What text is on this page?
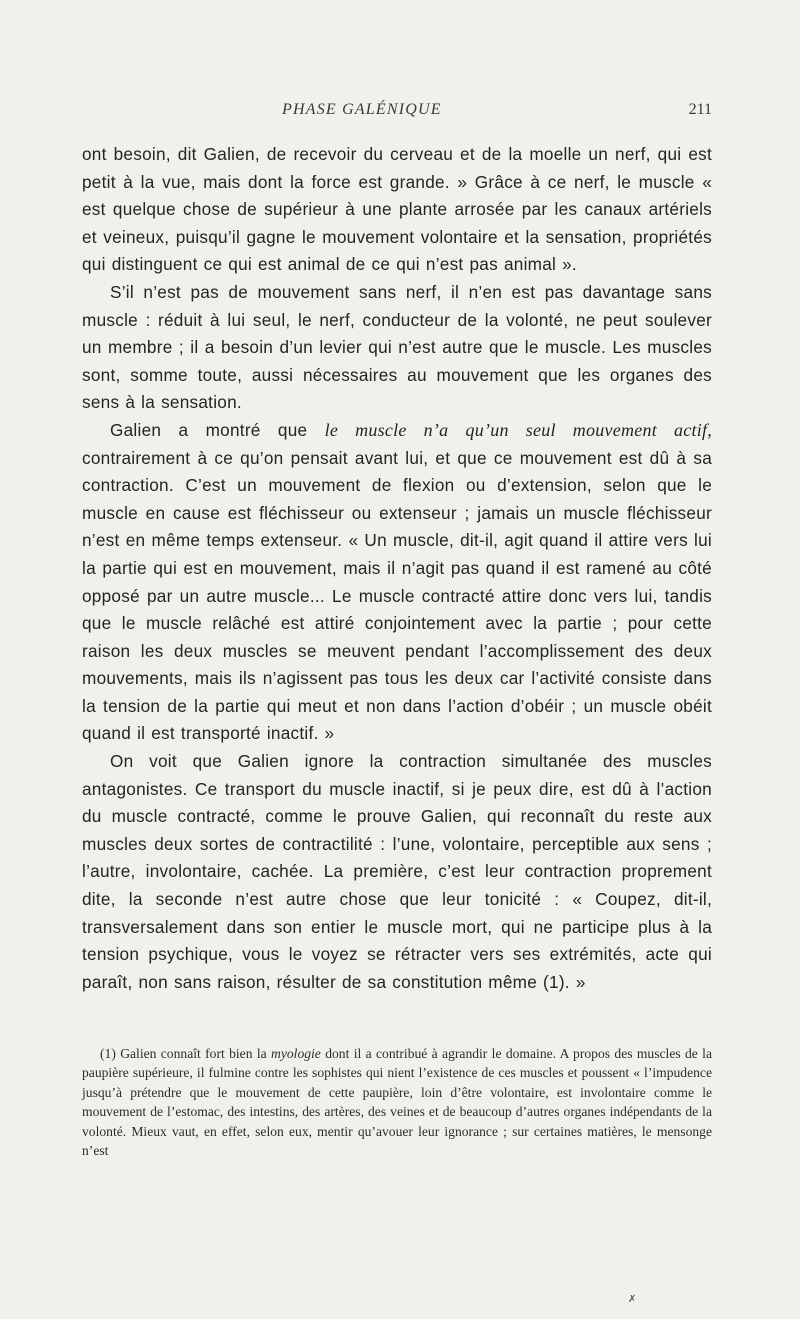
PHASE GALÉNIQUE	211

ont besoin, dit Galien, de recevoir du cerveau et de la moelle un nerf, qui est petit à la vue, mais dont la force est grande. » Grâce à ce nerf, le muscle « est quelque chose de supérieur à une plante arrosée par les canaux artériels et veineux, puisqu’il gagne le mouvement volontaire et la sensation, propriétés qui distinguent ce qui est animal de ce qui n’est pas animal ».

S’il n’est pas de mouvement sans nerf, il n’en est pas davantage sans muscle : réduit à lui seul, le nerf, conducteur de la volonté, ne peut soulever un membre ; il a besoin d’un levier qui n’est autre que le muscle. Les muscles sont, somme toute, aussi nécessaires au mouvement que les organes des sens à la sensation.

Galien a montré que le muscle n’a qu’un seul mouvement actif, contrairement à ce qu’on pensait avant lui, et que ce mouvement est dû à sa contraction. C’est un mouvement de flexion ou d’extension, selon que le muscle en cause est fléchisseur ou extenseur ; jamais un muscle fléchisseur n’est en même temps extenseur. « Un muscle, dit-il, agit quand il attire vers lui la partie qui est en mouvement, mais il n’agit pas quand il est ramené au côté opposé par un autre muscle... Le muscle contracté attire donc vers lui, tandis que le muscle relâché est attiré conjointement avec la partie ; pour cette raison les deux muscles se meuvent pendant l’accomplissement des deux mouvements, mais ils n’agissent pas tous les deux car l’activité consiste dans la tension de la partie qui meut et non dans l’action d’obéir ; un muscle obéit quand il est transporté inactif. »

On voit que Galien ignore la contraction simultanée des muscles antagonistes. Ce transport du muscle inactif, si je peux dire, est dû à l’action du muscle contracté, comme le prouve Galien, qui reconnaît du reste aux muscles deux sortes de contractilité : l’une, volontaire, perceptible aux sens ; l’autre, involontaire, cachée. La première, c’est leur contraction proprement dite, la seconde n’est autre chose que leur tonicité : « Coupez, dit-il, transversalement dans son entier le muscle mort, qui ne participe plus à la tension psychique, vous le voyez se rétracter vers ses extrémités, acte qui paraît, non sans raison, résulter de sa constitution même (1). »

(1) Galien connaît fort bien la myologie dont il a contribué à agrandir le domaine. A propos des muscles de la paupière supérieure, il fulmine contre les sophistes qui nient l’existence de ces muscles et poussent « l’impudence jusqu’à prétendre que le mouvement de cette paupière, loin d’être volontaire, est involontaire comme le mouvement de l’estomac, des intestins, des artères, des veines et de beaucoup d’autres organes indépendants de la volonté. Mieux vaut, en effet, selon eux, mentir qu’avouer leur ignorance ; sur certaines matières, le mensonge n’est

✗
